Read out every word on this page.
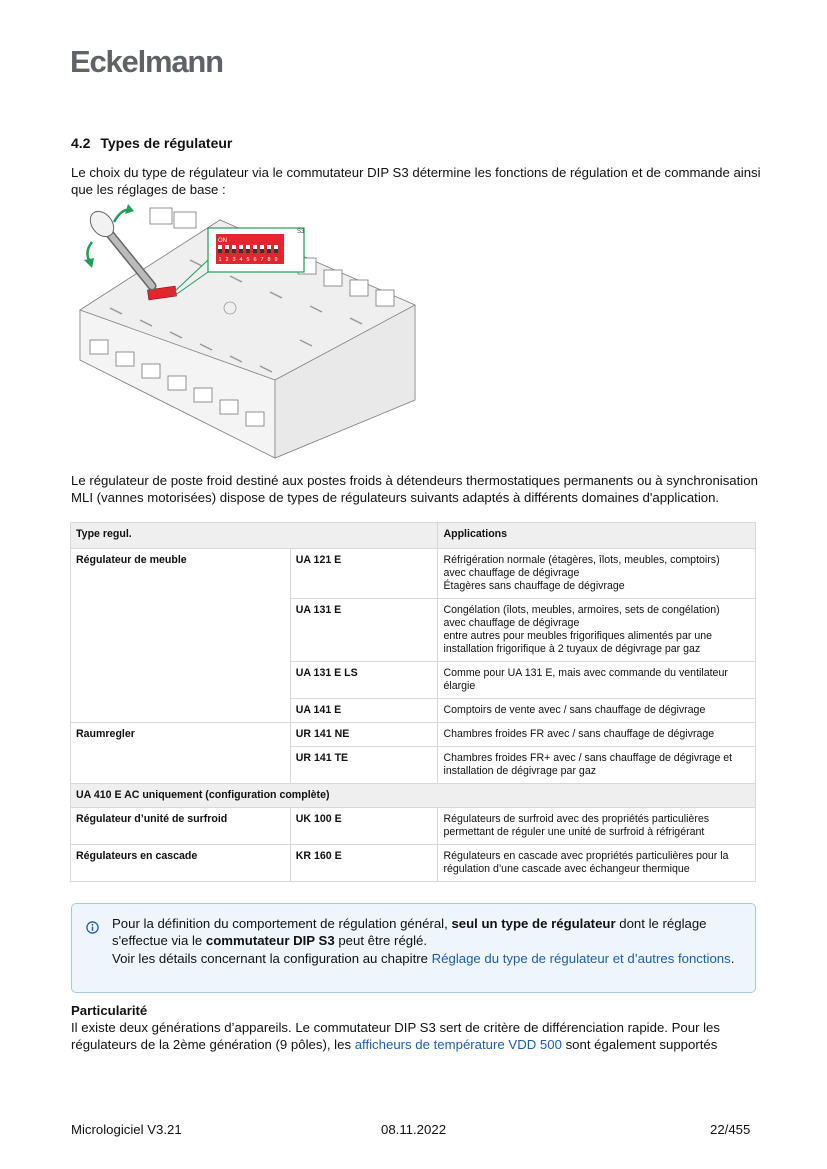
Eckelmann
4.2 Types de régulateur
Le choix du type de régulateur via le commutateur DIP S3 détermine les fonctions de régulation et de commande ainsi que les réglages de base :
ON
1 2 3 4 5 6 7 8 9
S3
Le régulateur de poste froid destiné aux postes froids à détendeurs thermostatiques permanents ou à synchronisation MLI (vannes motorisées) dispose de types de régulateurs suivants adaptés à différents domaines d'application.
Type regul.		Applications
Régulateur de meuble	UA 121 E	Réfrigération normale (étagères, îlots, meubles, comptoirs)
avec chauffage de dégivrage
Étagères sans chauffage de dégivrage

	UA 131 E	Congélation (îlots, meubles, armoires, sets de congélation)
avec chauffage de dégivrage
entre autres pour meubles frigorifiques alimentés par une
installation frigorifique à 2 tuyaux de dégivrage par gaz

	UA 131 E LS	Comme pour UA 131 E, mais avec commande du ventilateur
élargie

	UA 141 E	Comptoirs de vente avec / sans chauffage de dégivrage

Raumregler	UR 141 NE	Chambres froides FR avec / sans chauffage de dégivrage

	UR 141 TE	Chambres froides FR+ avec / sans chauffage de dégivrage et
installation de dégivrage par gaz

UA 410 E AC uniquement (configuration complète)		
Régulateur d’unité de surfroid	UK 100 E	Régulateurs de surfroid avec des propriétés particulières
permettant de réguler une unité de surfroid à réfrigérant

Régulateurs en cascade	KR 160 E	Régulateurs en cascade avec propriétés particulières pour la
régulation d’une cascade avec échangeur thermique
Pour la définition du comportement de régulation général, seul un type de régulateur dont le réglage
s'effectue via le commutateur DIP S3 peut être réglé.
Voir les détails concernant la configuration au chapitre Réglage du type de régulateur et d’autres fonctions.
Particularité
Il existe deux générations d’appareils. Le commutateur DIP S3 sert de critère de différenciation rapide. Pour les régulateurs de la 2ème génération (9 pôles), les afficheurs de température VDD 500 sont également supportés
Micrologiciel V3.21	08.11.2022	22/455
